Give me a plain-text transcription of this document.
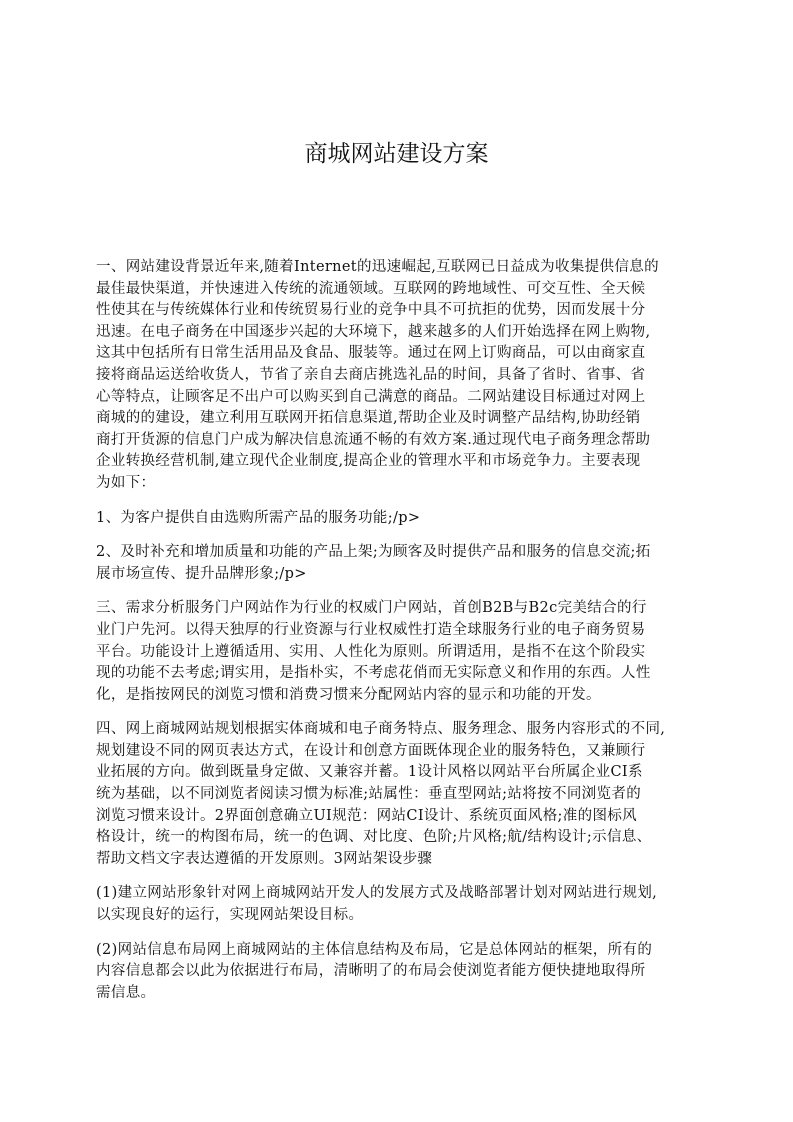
商城网站建设方案
一、网站建设背景近年来,随着Internet的迅速崛起,互联网已日益成为收集提供信息的
最佳最快渠道，并快速进入传统的流通领域。互联网的跨地域性、可交互性、全天候
性使其在与传统媒体行业和传统贸易行业的竞争中具不可抗拒的优势，因而发展十分
迅速。在电子商务在中国逐步兴起的大环境下，越来越多的人们开始选择在网上购物,
这其中包括所有日常生活用品及食品、服装等。通过在网上订购商品，可以由商家直
接将商品运送给收货人，节省了亲自去商店挑选礼品的时间，具备了省时、省事、省
心等特点，让顾客足不出户可以购买到自己满意的商品。二网站建设目标通过对网上
商城的的建设，建立利用互联网开拓信息渠道,帮助企业及时调整产品结构,协助经销
商打开货源的信息门户成为解决信息流通不畅的有效方案.通过现代电子商务理念帮助
企业转换经营机制,建立现代企业制度,提高企业的管理水平和市场竞争力。主要表现
为如下：
1、为客户提供自由选购所需产品的服务功能;/p>
2、及时补充和增加质量和功能的产品上架;为顾客及时提供产品和服务的信息交流;拓
展市场宣传、提升品牌形象;/p>
三、需求分析服务门户网站作为行业的权威门户网站，首创B2B与B2c完美结合的行
业门户先河。以得天独厚的行业资源与行业权威性打造全球服务行业的电子商务贸易
平台。功能设计上遵循适用、实用、人性化为原则。所谓适用，是指不在这个阶段实
现的功能不去考虑;谓实用，是指朴实，不考虑花俏而无实际意义和作用的东西。人性
化，是指按网民的浏览习惯和消费习惯来分配网站内容的显示和功能的开发。
四、网上商城网站规划根据实体商城和电子商务特点、服务理念、服务内容形式的不同,
规划建设不同的网页表达方式，在设计和创意方面既体现企业的服务特色，又兼顾行
业拓展的方向。做到既量身定做、又兼容并蓄。1设计风格以网站平台所属企业CI系
统为基础，以不同浏览者阅读习惯为标准;站属性：垂直型网站;站将按不同浏览者的
浏览习惯来设计。2界面创意确立UI规范：网站CI设计、系统页面风格;准的图标风
格设计，统一的构图布局，统一的色调、对比度、色阶;片风格;航/结构设计;示信息、
帮助文档文字表达遵循的开发原则。3网站架设步骤
(1)建立网站形象针对网上商城网站开发人的发展方式及战略部署计划对网站进行规划,
以实现良好的运行，实现网站架设目标。
(2)网站信息布局网上商城网站的主体信息结构及布局，它是总体网站的框架，所有的
内容信息都会以此为依据进行布局，清晰明了的布局会使浏览者能方便快捷地取得所
需信息。
